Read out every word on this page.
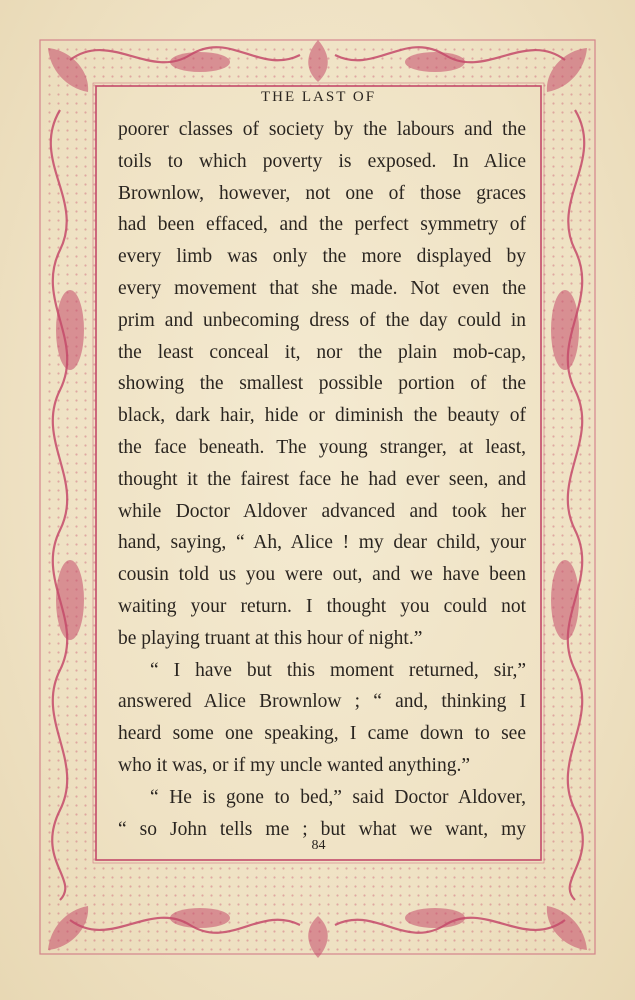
THE LAST OF
poorer classes of society by the labours and the
toils to which poverty is exposed. In Alice
Brownlow, however, not one of those graces
had been effaced, and the perfect symmetry of
every limb was only the more displayed by
every movement that she made. Not even the
prim and unbecoming dress of the day could in
the least conceal it, nor the plain mob-cap,
showing the smallest possible portion of the
black, dark hair, hide or diminish the beauty of
the face beneath. The young stranger, at least,
thought it the fairest face he had ever seen, and
while Doctor Aldover advanced and took her
hand, saying, “ Ah, Alice ! my dear child, your
cousin told us you were out, and we have been
waiting your return. I thought you could not
be playing truant at this hour of night.”
“ I have but this moment returned, sir,”
answered Alice Brownlow ; “ and, thinking I
heard some one speaking, I came down to see
who it was, or if my uncle wanted anything.”
“ He is gone to bed,” said Doctor Aldover,
“ so John tells me ; but what we want, my
84
